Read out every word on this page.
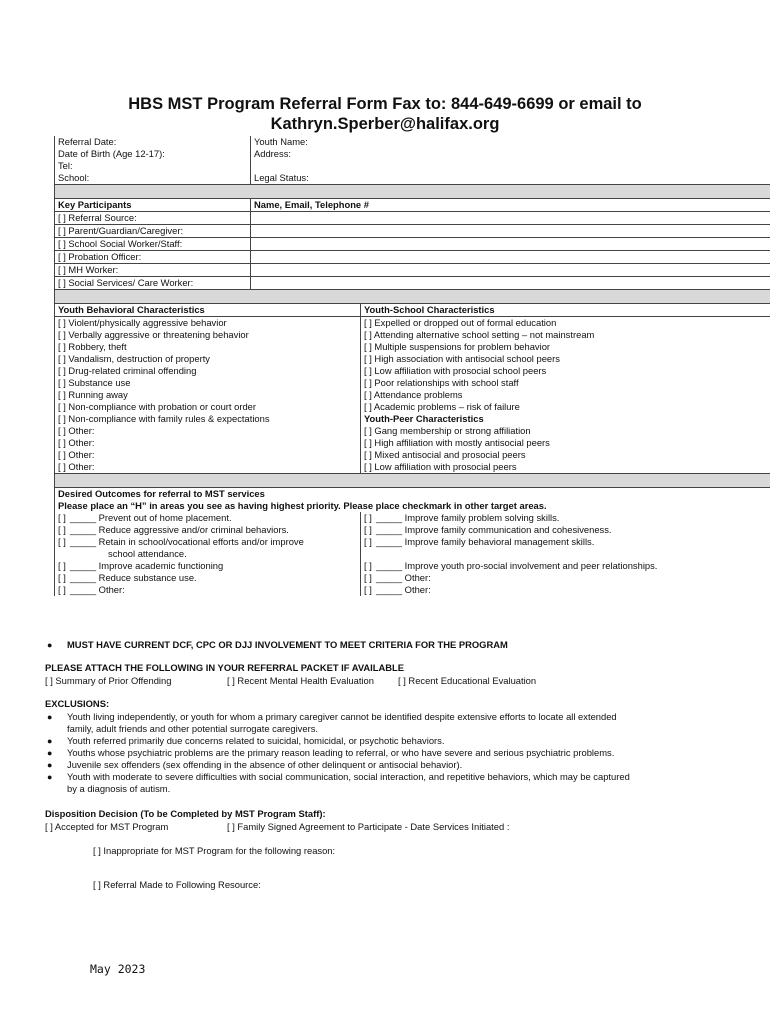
HBS MST Program Referral Form Fax to: 844-649-6699 or email to
Kathryn.Sperber@halifax.org
Referral Date:	Youth Name:	
Date of Birth (Age 12-17):	Address:	
Tel:		
School:	Legal Status:	

Key Participants	Name, Email, Telephone #	
[ ] Referral Source:		
[ ] Parent/Guardian/Caregiver:		
[ ] School Social Worker/Staff:		
[ ] Probation Officer:		
[ ] MH Worker:		
[ ] Social Services/ Care Worker:		

Youth Behavioral Characteristics		Youth-School Characteristics
[ ] Violent/physically aggressive behavior		[ ] Expelled or dropped out of formal education
[ ] Verbally aggressive or threatening behavior		[ ] Attending alternative school setting – not mainstream
[ ] Robbery, theft		[ ] Multiple suspensions for problem behavior
[ ] Vandalism, destruction of property		[ ] High association with antisocial school peers
[ ] Drug-related criminal offending		[ ] Low affiliation with prosocial school peers
[ ] Substance use		[ ] Poor relationships with school staff
[ ] Running away		[ ] Attendance problems
[ ] Non-compliance with probation or court order		[ ] Academic problems – risk of failure
[ ] Non-compliance with family rules & expectations		Youth-Peer Characteristics
[ ] Other:		[ ] Gang membership or strong affiliation
[ ] Other:		[ ] High affiliation with mostly antisocial peers
[ ] Other:		[ ] Mixed antisocial and prosocial peers
[ ] Other:		[ ] Low affiliation with prosocial peers

Desired Outcomes for referral to MST services		
Please place an “H” in areas you see as having highest priority. Please place checkmark in other target areas.		
[ ] _____ Prevent out of home placement.		[ ] _____ Improve family problem solving skills.
[ ] _____ Reduce aggressive and/or criminal behaviors.		[ ] _____ Improve family communication and cohesiveness.
[ ] _____ Retain in school/vocational efforts and/or improve		[ ] _____ Improve family behavioral management skills.
school attendance.		
[ ] _____ Improve academic functioning		[ ] _____ Improve youth pro-social involvement and peer relationships.
[ ] _____ Reduce substance use.		[ ] _____ Other:
[ ] _____ Other:		[ ] _____ Other:
● MUST HAVE CURRENT DCF, CPC OR DJJ INVOLVEMENT TO MEET CRITERIA FOR THE PROGRAM
PLEASE ATTACH THE FOLLOWING IN YOUR REFERRAL PACKET IF AVAILABLE
[ ] Summary of Prior Offending	[ ] Recent Mental Health Evaluation	[ ] Recent Educational Evaluation
EXCLUSIONS:
● Youth living independently, or youth for whom a primary caregiver cannot be identified despite extensive efforts to locate all extended
family, adult friends and other potential surrogate caregivers.
● Youth referred primarily due concerns related to suicidal, homicidal, or psychotic behaviors.
● Youths whose psychiatric problems are the primary reason leading to referral, or who have severe and serious psychiatric problems.
● Juvenile sex offenders (sex offending in the absence of other delinquent or antisocial behavior).
● Youth with moderate to severe difficulties with social communication, social interaction, and repetitive behaviors, which may be captured
by a diagnosis of autism.
Disposition Decision (To be Completed by MST Program Staff):
[ ] Accepted for MST Program	[ ] Family Signed Agreement to Participate - Date Services Initiated :
[ ] Inappropriate for MST Program for the following reason:
[ ] Referral Made to Following Resource:
May 2023
